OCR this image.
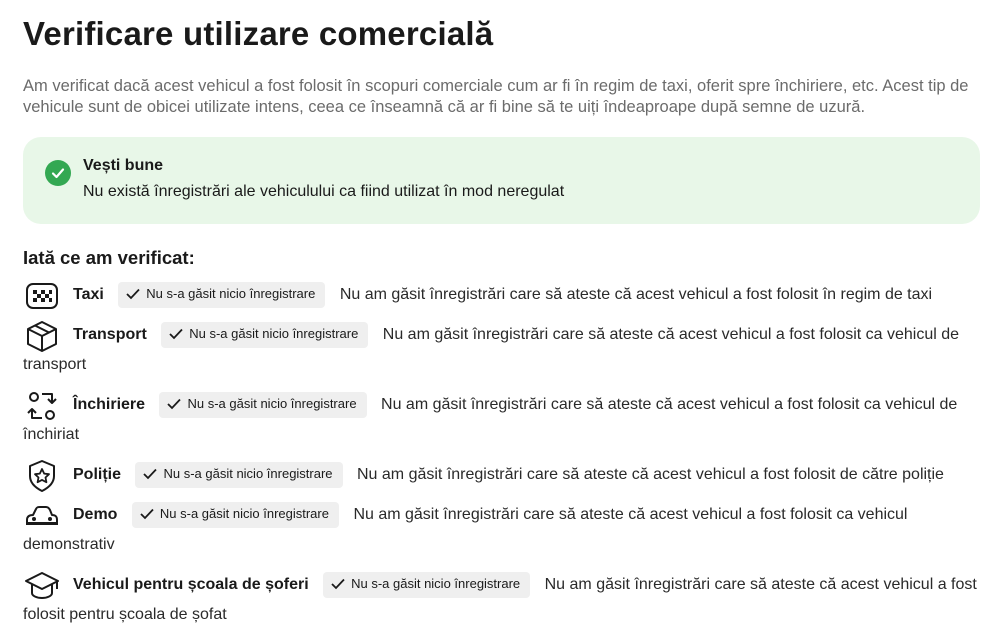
Verificare utilizare comercială

Am verificat dacă acest vehicul a fost folosit în scopuri comerciale cum ar fi în regim de taxi, oferit spre închiriere, etc. Acest tip de vehicule sunt de obicei utilizate intens, ceea ce înseamnă că ar fi bine să te uiți îndeaproape după semne de uzură.

Vești bune
Nu există înregistrări ale vehiculului ca fiind utilizat în mod neregulat
Iată ce am verificat:
Taxi	Nu s-a găsit nicio înregistrare Nu am găsit înregistrări care să ateste că acest vehicul a fost folosit în regim de taxi
Transport	Nu s-a găsit nicio înregistrare Nu am găsit înregistrări care să ateste că acest vehicul a fost folosit ca vehicul de transport
Închiriere	Nu s-a găsit nicio înregistrare Nu am găsit înregistrări care să ateste că acest vehicul a fost folosit ca vehicul de închiriat
Poliție	Nu s-a găsit nicio înregistrare Nu am găsit înregistrări care să ateste că acest vehicul a fost folosit de către poliție
Demo	Nu s-a găsit nicio înregistrare Nu am găsit înregistrări care să ateste că acest vehicul a fost folosit ca vehicul demonstrativ
Vehicul pentru școala de șoferi	Nu s-a găsit nicio înregistrare Nu am găsit înregistrări care să ateste că acest vehicul a fost folosit pentru școala de șofat
